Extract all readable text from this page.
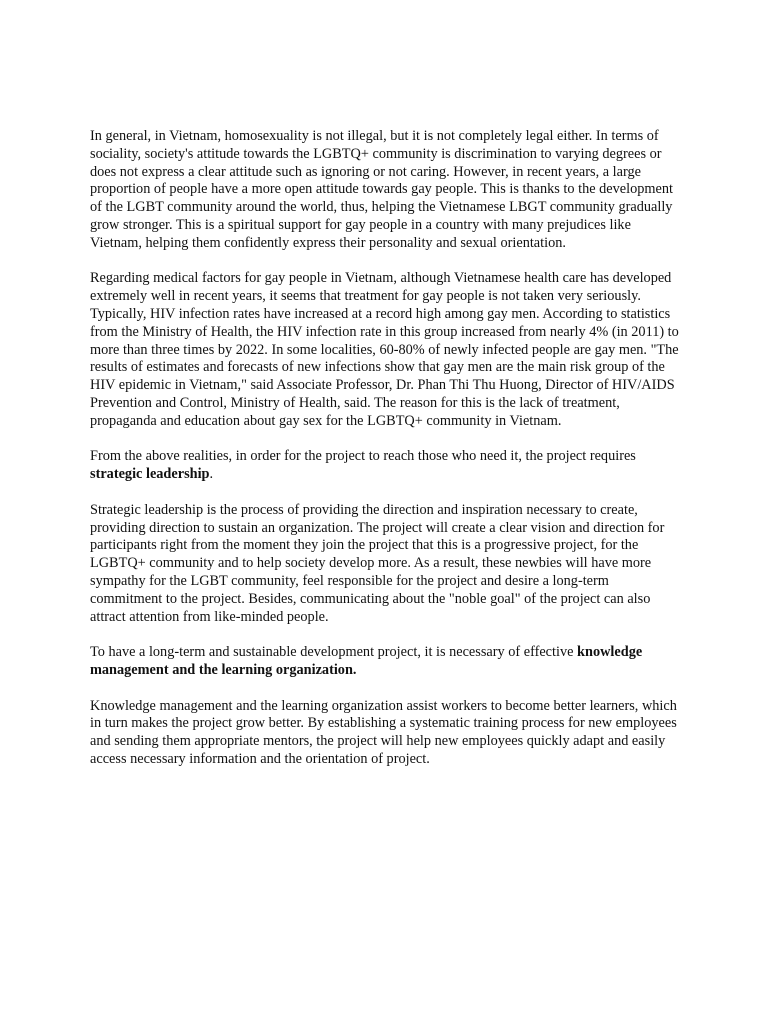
In general, in Vietnam, homosexuality is not illegal, but it is not completely legal either. In terms of sociality, society's attitude towards the LGBTQ+ community is discrimination to varying degrees or does not express a clear attitude such as ignoring or not caring. However, in recent years, a large proportion of people have a more open attitude towards gay people. This is thanks to the development of the LGBT community around the world, thus, helping the Vietnamese LBGT community gradually grow stronger. This is a spiritual support for gay people in a country with many prejudices like Vietnam, helping them confidently express their personality and sexual orientation.

Regarding medical factors for gay people in Vietnam, although Vietnamese health care has developed extremely well in recent years, it seems that treatment for gay people is not taken very seriously. Typically, HIV infection rates have increased at a record high among gay men. According to statistics from the Ministry of Health, the HIV infection rate in this group increased from nearly 4% (in 2011) to more than three times by 2022. In some localities, 60-80% of newly infected people are gay men. "The results of estimates and forecasts of new infections show that gay men are the main risk group of the HIV epidemic in Vietnam," said Associate Professor, Dr. Phan Thi Thu Huong, Director of HIV/AIDS Prevention and Control, Ministry of Health, said. The reason for this is the lack of treatment, propaganda and education about gay sex for the LGBTQ+ community in Vietnam.

From the above realities, in order for the project to reach those who need it, the project requires strategic leadership.

Strategic leadership is the process of providing the direction and inspiration necessary to create, providing direction to sustain an organization. The project will create a clear vision and direction for participants right from the moment they join the project that this is a progressive project, for the LGBTQ+ community and to help society develop more. As a result, these newbies will have more sympathy for the LGBT community, feel responsible for the project and desire a long-term commitment to the project. Besides, communicating about the "noble goal" of the project can also attract attention from like-minded people.

To have a long-term and sustainable development project, it is necessary of effective knowledge management and the learning organization.

Knowledge management and the learning organization assist workers to become better learners, which in turn makes the project grow better. By establishing a systematic training process for new employees and sending them appropriate mentors, the project will help new employees quickly adapt and easily access necessary information and the orientation of project.
